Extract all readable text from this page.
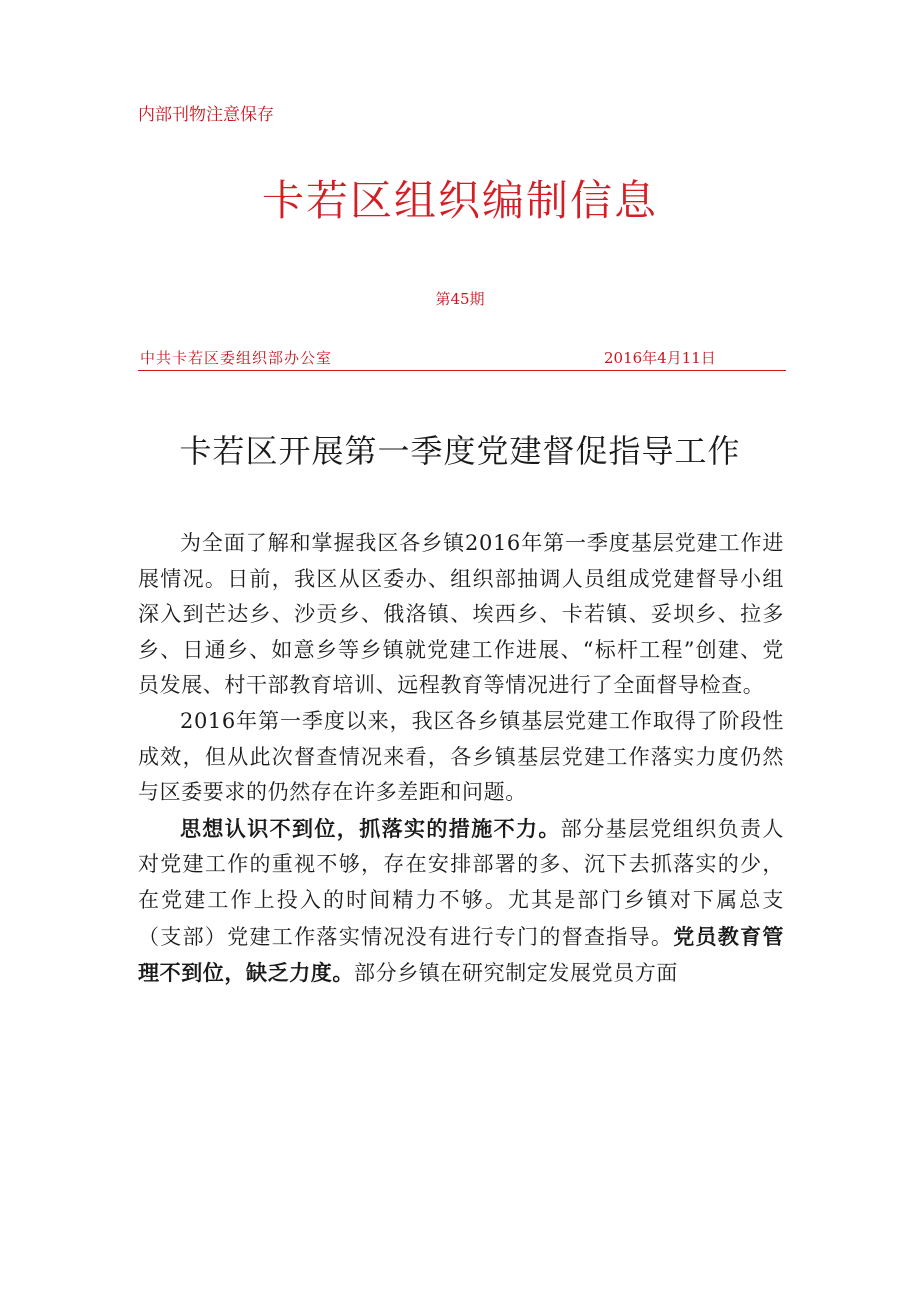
内部刊物注意保存
卡若区组织编制信息
第45期
中共卡若区委组织部办公室	2016年4月11日
卡若区开展第一季度党建督促指导工作

为全面了解和掌握我区各乡镇2016年第一季度基层党建工作进展情况。日前，我区从区委办、组织部抽调人员组成党建督导小组深入到芒达乡、沙贡乡、俄洛镇、埃西乡、卡若镇、妥坝乡、拉多乡、日通乡、如意乡等乡镇就党建工作进展、“标杆工程”创建、党员发展、村干部教育培训、远程教育等情况进行了全面督导检查。

2016年第一季度以来，我区各乡镇基层党建工作取得了阶段性成效，但从此次督查情况来看，各乡镇基层党建工作落实力度仍然与区委要求的仍然存在许多差距和问题。

思想认识不到位，抓落实的措施不力。部分基层党组织负责人对党建工作的重视不够，存在安排部署的多、沉下去抓落实的少，在党建工作上投入的时间精力不够。尤其是部门乡镇对下属总支（支部）党建工作落实情况没有进行专门的督查指导。党员教育管理不到位，缺乏力度。部分乡镇在研究制定发展党员方面
